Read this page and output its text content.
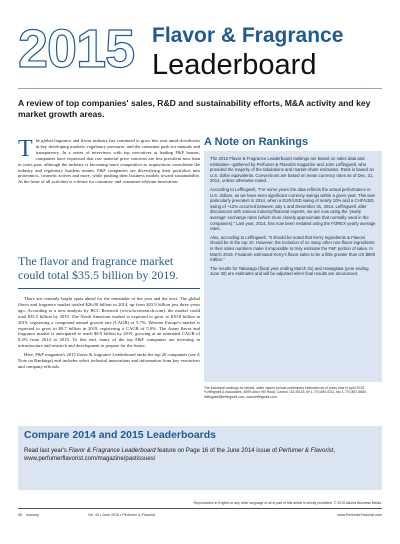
2015 Flavor & Fragrance
Leaderboard
A review of top companies' sales, R&D and sustainability efforts, M&A activity and key market growth areas.
The global fragrance and flavor industry has continued to grow this year amid slowdowns in key developing markets, regulatory pressures, and the consumer push for naturals and transparency. In a series of interviews with top executives at leading F&F houses, companies have expressed that raw material price concerns are less prevalent now than in years past, although the industry is becoming more competitive as acquisitions consolidate the industry and regulatory burdens mount. F&F companies are diversifying their portfolios into proteomics, cosmetic actives and more, while pushing their business models toward sustainability. At the heart of all activities is a desire for customer- and consumer-relevant innovation.
The flavor and fragrance market could total $35.5 billion by 2019.

There are certainly bright spots ahead for the remainder of the year and the next. The global flavor and fragrance market totaled $26.00 billion in 2014, up from $23.9 billion just three years ago. According to a new analysis by BCC Research (www.bccresearch.com), the market could total $35.5 billion by 2019. The North American market is expected to grow to $10.8 billion in 2019, registering a compound annual growth rate (CAGR) of 5.7%. Western Europe's market is expected to grow to $9.7 billion in 2019, registering a CAGR of 5.0%. The Asian flavor and fragrance market is anticipated to reach $8.9 billion by 2019, growing at an estimated CAGR of 8.2% from 2014 to 2019. To this end, many of the top F&F companies are investing in infrastructure and research and development to prepare for the future.

Here, P&F magazine's 2015 flavor & fragrance Leaderboard ranks the top 20 companies (see A Note on Rankings) and includes select technical innovations and information from key executives and company officials.

A Note on Rankings

The 2015 Flavor & Fragrance Leaderboard rankings are based on sales data and estimates—gathered by Perfumer & Flavorist magazine and John Leffingwell, who provided the majority of the tabulations and market-share estimates. Rank is based on U.S. dollar equivalents. Conversions are based on mean currency rates as of Dec. 31, 2014, unless otherwise noted.

According to Leffingwell, "For some years the data reflects the actual performance in U.S. dollars, as we have seen significant currency swings within a given year. This was particularly prevalent in 2014, when a EUR/USD swing of nearly 10% and a CHF/USD swing of ~12% occurred between July 1 and December 31, 2014. Leffingwell, after discussions with various industry/financial experts, we are now using the 'yearly average' exchange rates (which more closely approximate that normally used in the companies)." Last year, 2014, has now been restated using the FOREX yearly average rates.

Also, according to Leffingwell, "It should be noted that Kerry Ingredients & Flavors should be in the top 10. However, the inclusion of so many other non-flavor ingredients in their sales numbers make it impossible to truly estimate the F&F portion of sales. In March 2015, Frutarom estimated Kerry's flavor sales to be a little greater than US $800 million."

The results for Takasago (fiscal year ending March 31) and Hasegawa (year ending June 30) are estimates and will be adjusted when final results are announced.

The individual rankings for details, sales values include preliminary estimates as of press time in April 2015. *Leffingwell & Associates, 4699 Arbor Hill Road, Canton, GA 30115, tel 1-770-889-5111, fax 1-770-887-5880, leffingwell@leffingwell.com, www.leffingwell.com
Compare 2014 and 2015 Leaderboards
Read last year's Flavor & Fragrance Leaderboard feature on Page 16 of the June 2014 issue of Perfumer & Flavorist, www.perfumerflavorist.com/magazine/pastissues/
Reproduction in English or any other language of all or part of this article is strictly prohibited. © 2015 Allured Business Media.
36 Industry	Vol. 40 • June 2015 • Perfumer & Flavorist	www.PerfumerFlavorist.com
